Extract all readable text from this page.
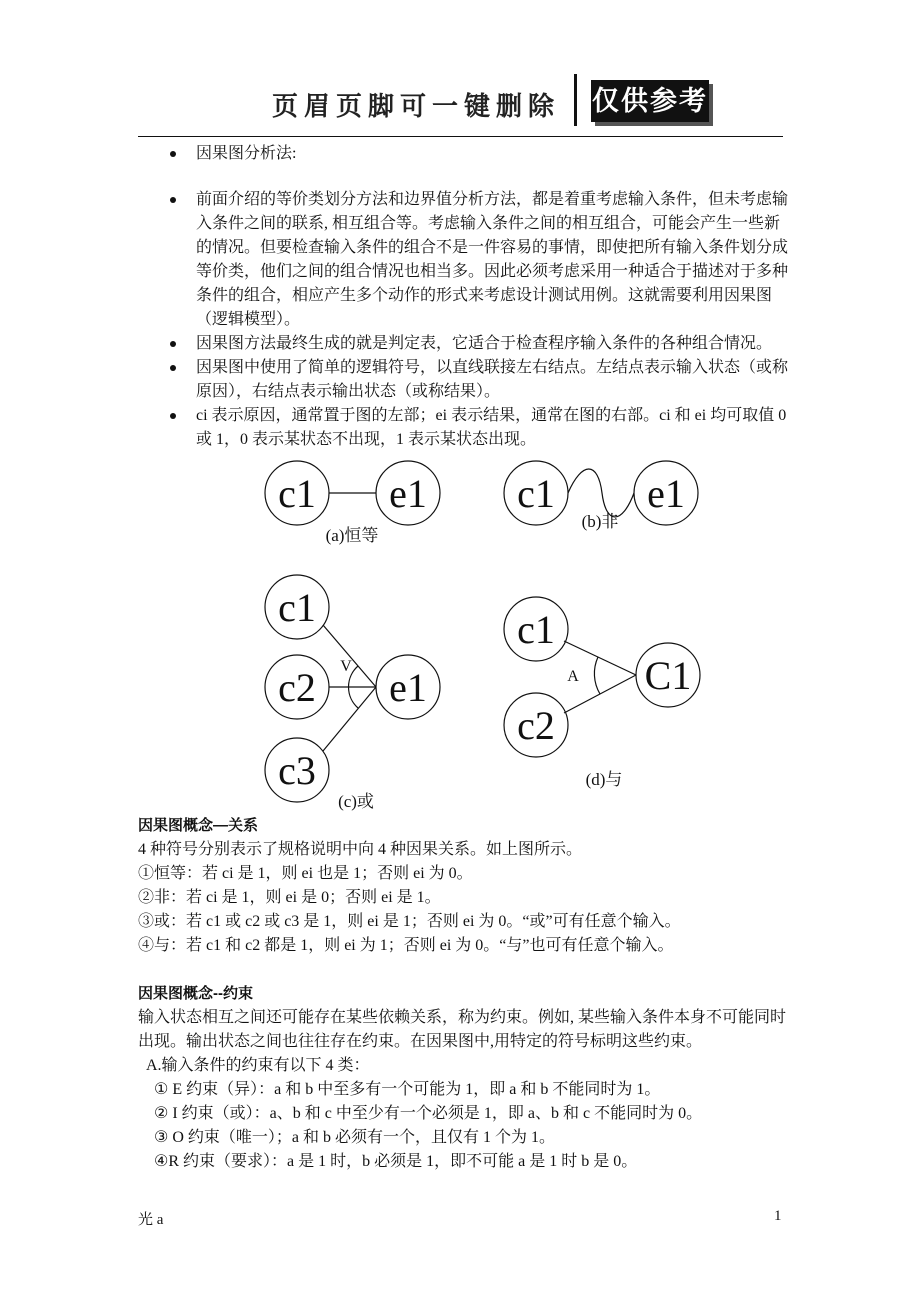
页眉页脚可一键删除 仅供参考
因果图分析法:
前面介绍的等价类划分方法和边界值分析方法，都是着重考虑输入条件，但未考虑输入条件之间的联系, 相互组合等。考虑输入条件之间的相互组合，可能会产生一些新的情况。但要检查输入条件的组合不是一件容易的事情，即使把所有输入条件划分成等价类，他们之间的组合情况也相当多。因此必须考虑采用一种适合于描述对于多种条件的组合，相应产生多个动作的形式来考虑设计测试用例。这就需要利用因果图（逻辑模型）。
因果图方法最终生成的就是判定表，它适合于检查程序输入条件的各种组合情况。
因果图中使用了简单的逻辑符号，以直线联接左右结点。左结点表示输入状态（或称原因），右结点表示输出状态（或称结果）。
ci 表示原因，通常置于图的左部；ei 表示结果，通常在图的右部。ci 和 ei 均可取值 0 或 1，0 表示某状态不出现，1 表示某状态出现。
c1 e1
(a)恒等
c1 e1
(b)非
c1
c2
c3
e1
V
(c)或
c1
c2
C1
A
(d)与
因果图概念—关系
4 种符号分别表示了规格说明中向 4 种因果关系。如上图所示。
①恒等：若 ci 是 1，则 ei 也是 1；否则 ei 为 0。
②非：若 ci 是 1，则 ei 是 0；否则 ei 是 1。
③或：若 c1 或 c2 或 c3 是 1，则 ei 是 1；否则 ei 为 0。“或”可有任意个输入。
④与：若 c1 和 c2 都是 1，则 ei 为 1；否则 ei 为 0。“与”也可有任意个输入。
因果图概念--约束
输入状态相互之间还可能存在某些依赖关系，称为约束。例如, 某些输入条件本身不可能同时出现。输出状态之间也往往存在约束。在因果图中,用特定的符号标明这些约束。
A.输入条件的约束有以下 4 类：
① E 约束（异）：a 和 b 中至多有一个可能为 1，即 a 和 b 不能同时为 1。
② I 约束（或）：a、b 和 c 中至少有一个必须是 1，即 a、b 和 c 不能同时为 0。
③ O 约束（唯一）；a 和 b 必须有一个，且仅有 1 个为 1。
④R 约束（要求）：a 是 1 时，b 必须是 1，即不可能 a 是 1 时 b 是 0。
光 a	1
